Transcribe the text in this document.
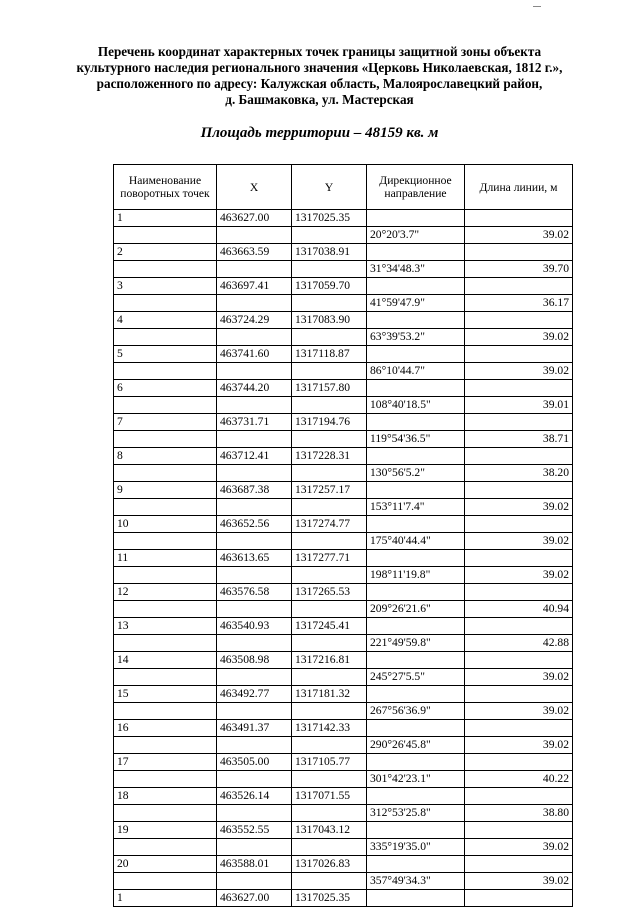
Перечень координат характерных точек границы защитной зоны объекта
культурного наследия регионального значения «Церковь Николаевская, 1812 г.»,
расположенного по адресу: Калужская область, Малоярославецкий район,
д. Башмаковка, ул. Мастерская
Площадь территории – 48159 кв. м
Наименование поворотных точек	X	Y	Дирекционное направление	Длина линии, м
1	463627.00	1317025.35		
			20°20'3.7"	39.02
2	463663.59	1317038.91		
			31°34'48.3"	39.70
3	463697.41	1317059.70		
			41°59'47.9"	36.17
4	463724.29	1317083.90		
			63°39'53.2"	39.02
5	463741.60	1317118.87		
			86°10'44.7"	39.02
6	463744.20	1317157.80		
			108°40'18.5"	39.01
7	463731.71	1317194.76		
			119°54'36.5"	38.71
8	463712.41	1317228.31		
			130°56'5.2"	38.20
9	463687.38	1317257.17		
			153°11'7.4"	39.02
10	463652.56	1317274.77		
			175°40'44.4"	39.02
11	463613.65	1317277.71		
			198°11'19.8"	39.02
12	463576.58	1317265.53		
			209°26'21.6"	40.94
13	463540.93	1317245.41		
			221°49'59.8"	42.88
14	463508.98	1317216.81		
			245°27'5.5"	39.02
15	463492.77	1317181.32		
			267°56'36.9"	39.02
16	463491.37	1317142.33		
			290°26'45.8"	39.02
17	463505.00	1317105.77		
			301°42'23.1"	40.22
18	463526.14	1317071.55		
			312°53'25.8"	38.80
19	463552.55	1317043.12		
			335°19'35.0"	39.02
20	463588.01	1317026.83		
			357°49'34.3"	39.02
1	463627.00	1317025.35		
